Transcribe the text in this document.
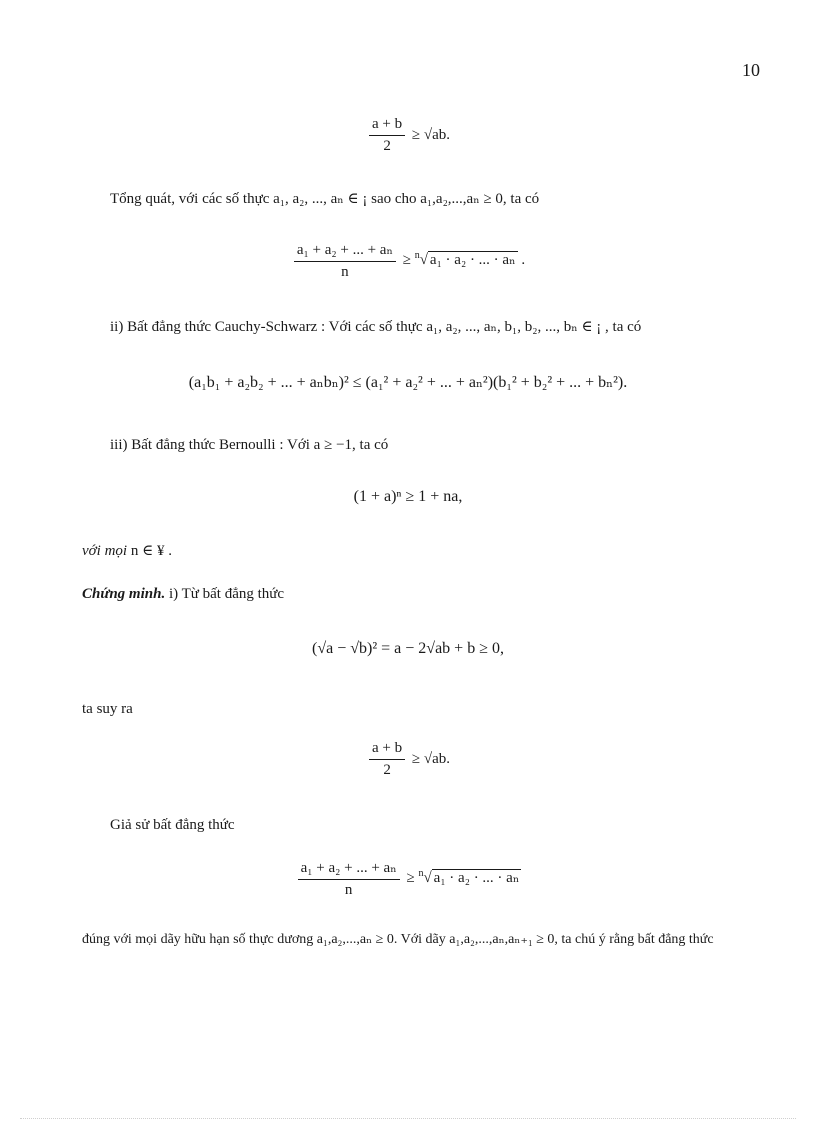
10
$\frac{a + b}{2} \ge √ab$.
Tổng quát, với các số thực a₁, a₂, ..., aₙ ∈ ¡ sao cho a₁,a₂,...,aₙ ≥ 0, ta có
$\frac{\text{a₁ + a₂ + ... + aₙ}}{n} \ge ^n√$ a₁ · a₂ · ... · aₙ .
ii) Bất đẳng thức Cauchy-Schwarz : Với các số thực a₁, a₂, ..., aₙ, b₁, b₂, ..., bₙ ∈ ¡ , ta có
(a₁b₁ + a₂b₂ + ... + aₙbₙ)² ≤ (a₁² + a₂² + ... + aₙ²)(b₁² + b₂² + ... + bₙ²).
iii) Bất đẳng thức Bernoulli : Với a ≥ −1, ta có
(1 + a)ⁿ ≥ 1 + na,
với mọi n ∈ ¥ .
Chứng minh. i) Từ bất đẳng thức
(√a − √b)² = a − 2√ab + b ≥ 0,
ta suy ra
$\frac{a + b}{2} \ge √ab$.
Giả sử bất đẳng thức
$\frac{\text{a₁ + a₂ + ... + aₙ}}{n} \ge ^n√$ a₁ · a₂ · ... · aₙ
đúng với mọi dãy hữu hạn số thực dương a₁,a₂,...,aₙ ≥ 0. Với dãy a₁,a₂,...,aₙ,aₙ₊₁ ≥ 0, ta chú ý rằng bất đẳng thức
